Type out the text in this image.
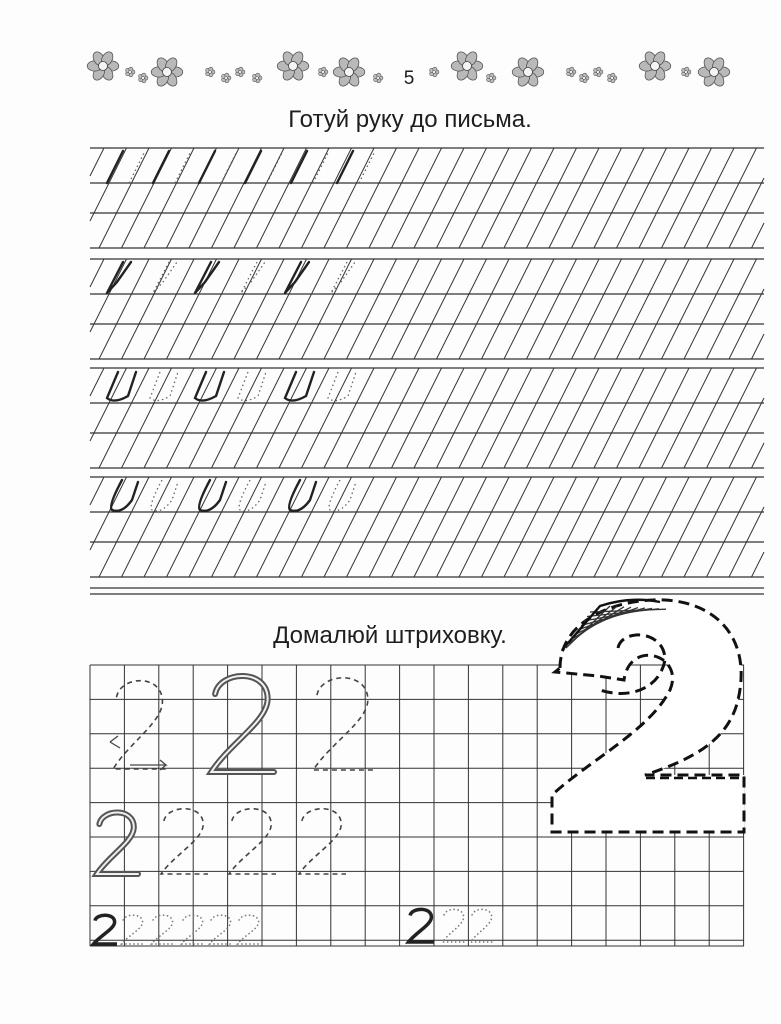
5
Готуй руку до письма.
Домалюй штриховку.
